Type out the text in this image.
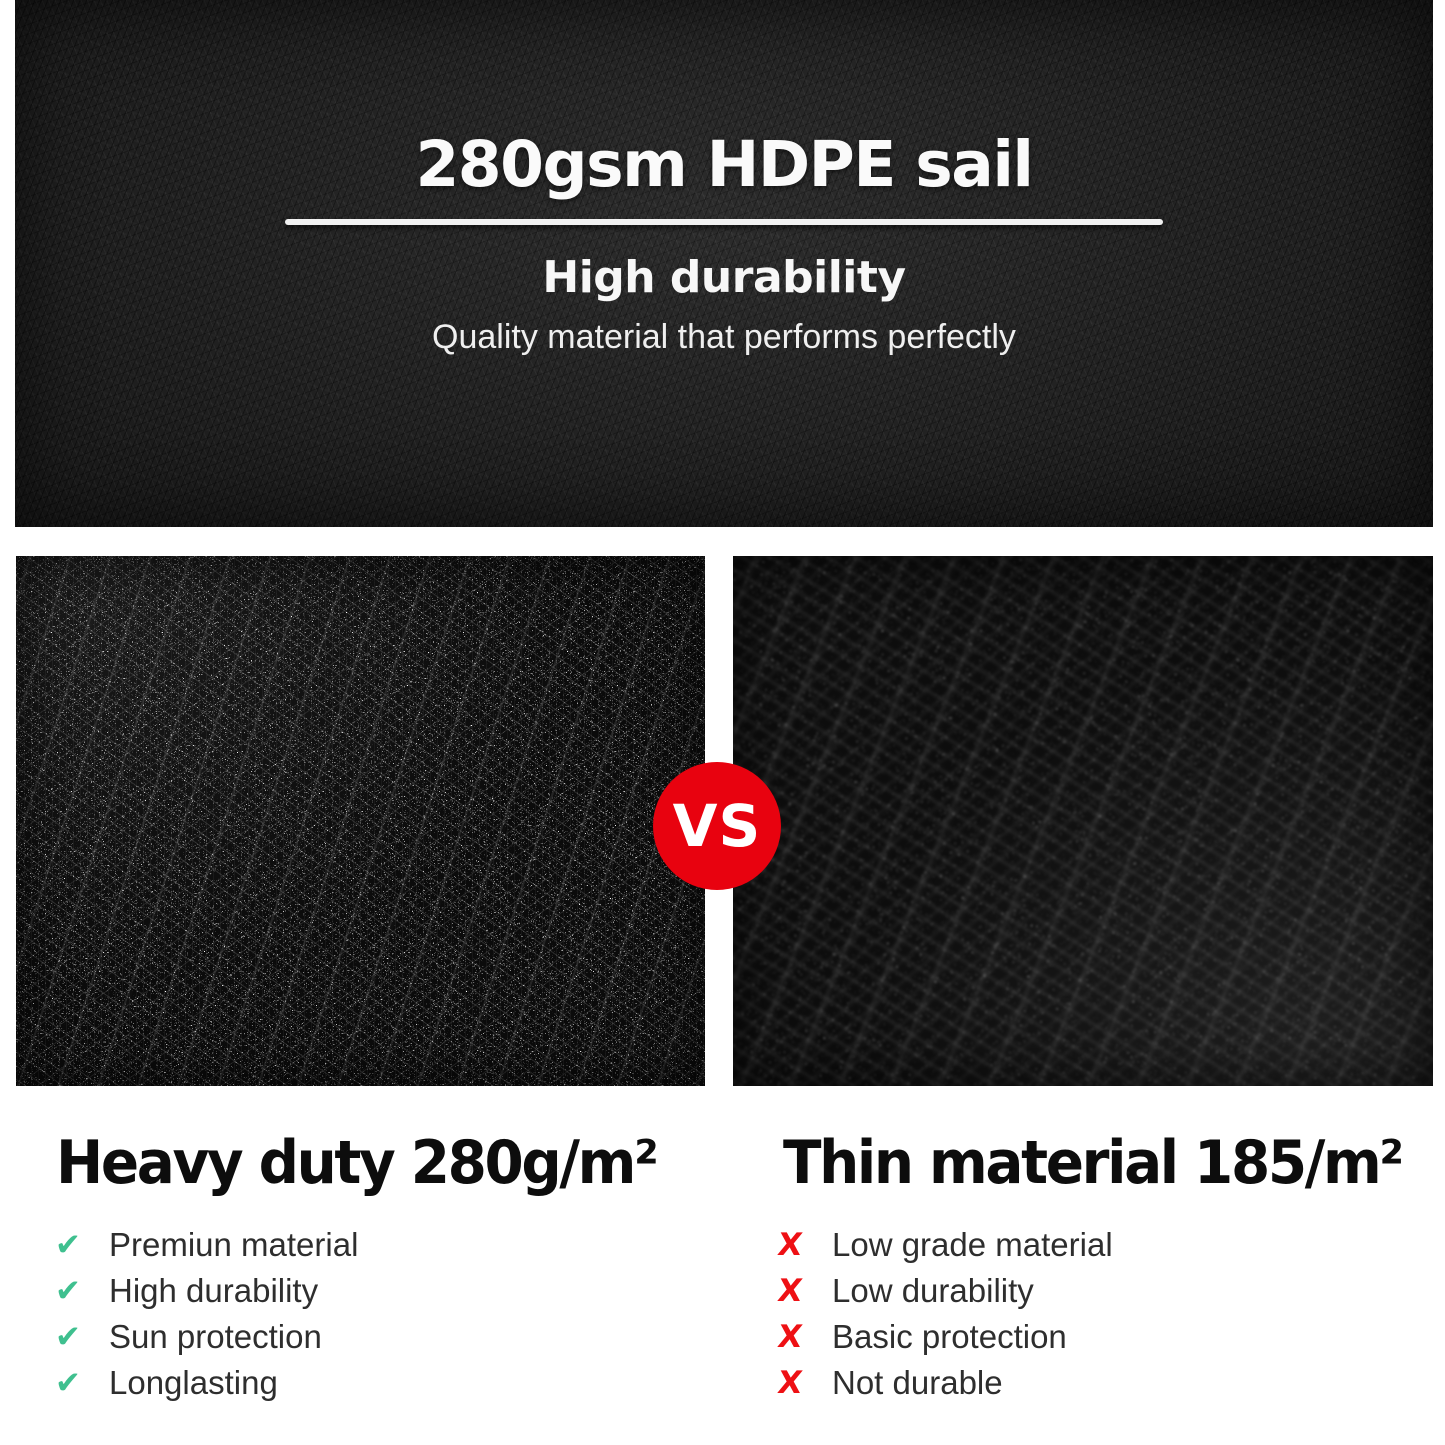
280gsm HDPE sail
High durability

Quality material that performs perfectly

VS
Heavy duty 280g/m²
✔ Premiun material
✔ High durability
✔ Sun protection
✔ Longlasting
Thin material 185/m²
X Low grade material
X Low durability
X Basic protection
X Not durable
